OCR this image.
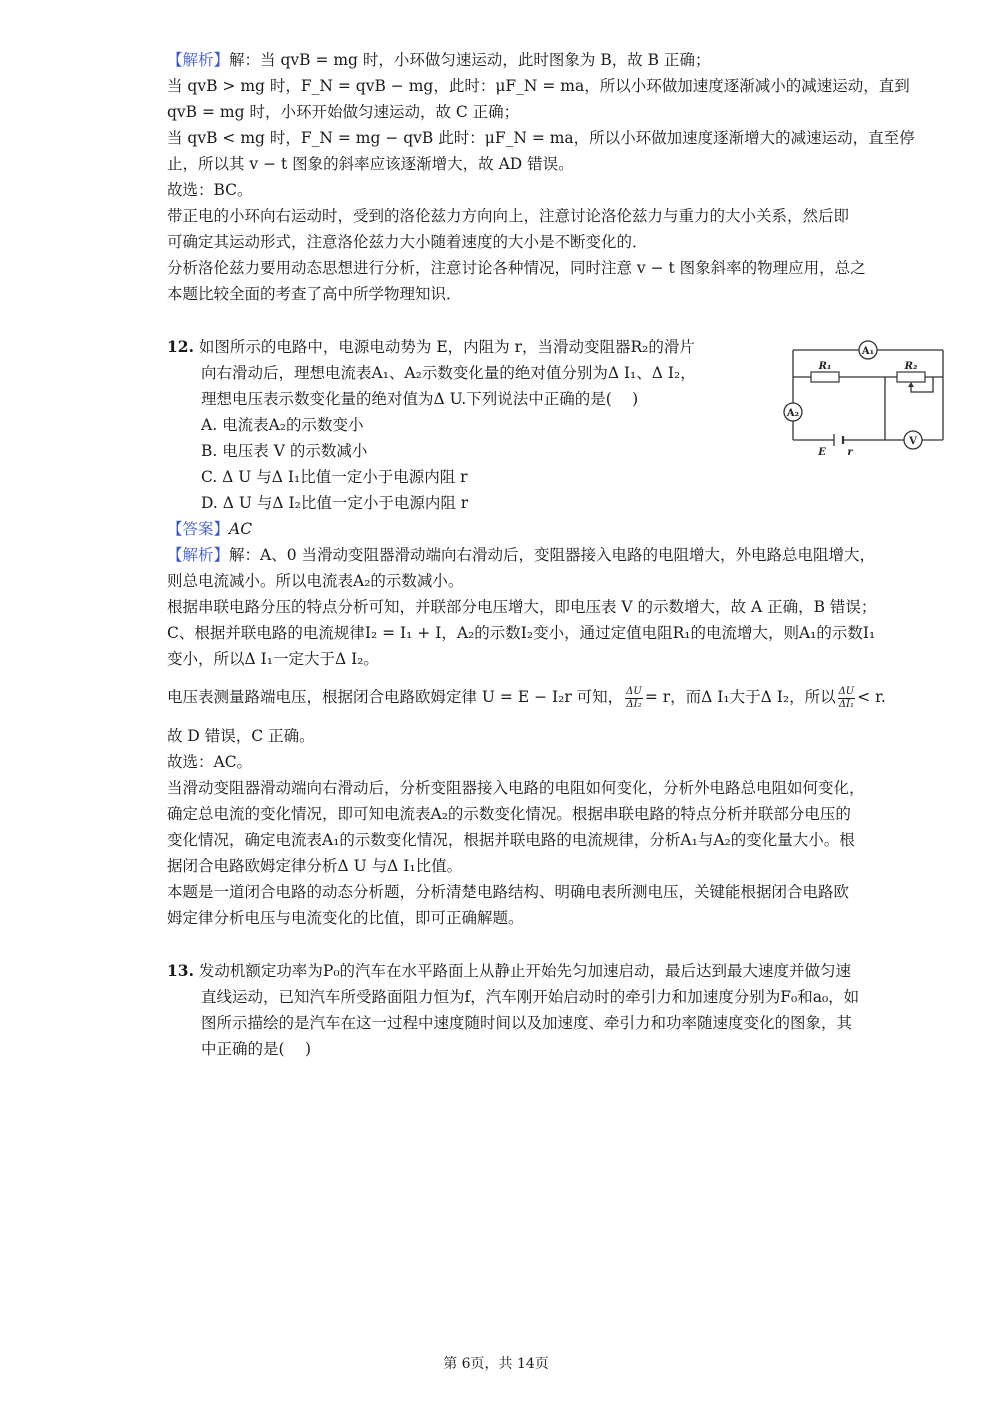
【解析】解：当 qvB = mg 时，小环做匀速运动，此时图象为 B，故 B 正确；
当 qvB > mg 时，F_N = qvB − mg，此时：μF_N = ma，所以小环做加速度逐渐减小的减速运动，直到
qvB = mg 时，小环开始做匀速运动，故 C 正确；
当 qvB < mg 时，F_N = mg − qvB 此时：μF_N = ma，所以小环做加速度逐渐增大的减速运动，直至停
止，所以其 v − t 图象的斜率应该逐渐增大，故 AD 错误。
故选：BC。
带正电的小环向右运动时，受到的洛伦兹力方向向上，注意讨论洛伦兹力与重力的大小关系，然后即
可确定其运动形式，注意洛伦兹力大小随着速度的大小是不断变化的．
分析洛伦兹力要用动态思想进行分析，注意讨论各种情况，同时注意 v − t 图象斜率的物理应用，总之
本题比较全面的考查了高中所学物理知识．
12. 如图所示的电路中，电源电动势为 E，内阻为 r，当滑动变阻器R₂的滑片
向右滑动后，理想电流表A₁、A₂示数变化量的绝对值分别为Δ I₁、Δ I₂，
理想电压表示数变化量的绝对值为Δ U.下列说法中正确的是(　 )
A. 电流表A₂的示数变小
B. 电压表 V 的示数减小
C. Δ U 与Δ I₁比值一定小于电源内阻 r
D. Δ U 与Δ I₂比值一定小于电源内阻 r
A₁
A₂
V
R₁	R₂
E r
【答案】AC
【解析】解：A、0 当滑动变阻器滑动端向右滑动后，变阻器接入电路的电阻增大，外电路总电阻增大，
则总电流减小。所以电流表A₂的示数减小。
根据串联电路分压的特点分析可知，并联部分电压增大，即电压表 V 的示数增大，故 A 正确，B 错误；
C、根据并联电路的电流规律I₂ = I₁ + I，A₂的示数I₂变小，通过定值电阻R₁的电流增大，则A₁的示数I₁
变小，所以Δ I₁一定大于Δ I₂。
电压表测量路端电压，根据闭合电路欧姆定律 U = E − I₂r 可知， $\frac{\Delta U}{\text{ΔI₂}} = r$，而Δ I₁大于Δ I₂，所以 $\frac{\Delta U}{\text{ΔI₁}} < r$.
故 D 错误，C 正确。
故选：AC。
当滑动变阻器滑动端向右滑动后，分析变阻器接入电路的电阻如何变化，分析外电路总电阻如何变化，
确定总电流的变化情况，即可知电流表A₂的示数变化情况。根据串联电路的特点分析并联部分电压的
变化情况，确定电流表A₁的示数变化情况，根据并联电路的电流规律，分析A₁与A₂的变化量大小。根
据闭合电路欧姆定律分析Δ U 与Δ I₁比值。
本题是一道闭合电路的动态分析题，分析清楚电路结构、明确电表所测电压，关键能根据闭合电路欧
姆定律分析电压与电流变化的比值，即可正确解题。
13. 发动机额定功率为P₀的汽车在水平路面上从静止开始先匀加速启动，最后达到最大速度并做匀速
直线运动，已知汽车所受路面阻力恒为f，汽车刚开始启动时的牵引力和加速度分别为F₀和a₀，如
图所示描绘的是汽车在这一过程中速度随时间以及加速度、牵引力和功率随速度变化的图象，其
中正确的是(　 )
第 6页，共 14页
